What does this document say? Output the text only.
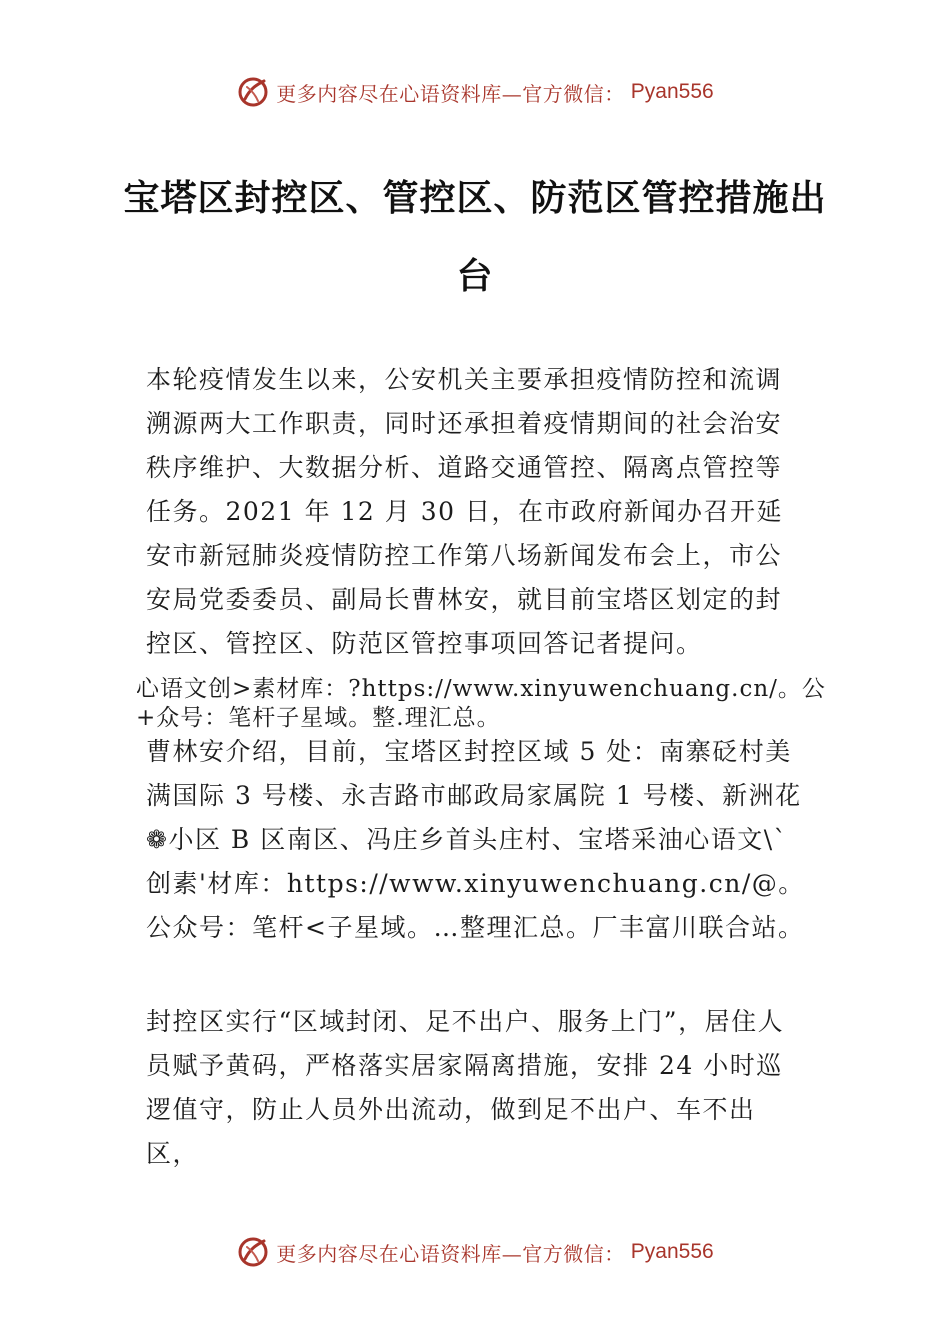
更多内容尽在心语资料库—官方微信： Pyan556
宝塔区封控区、管控区、防范区管控措施出台
本轮疫情发生以来，公安机关主要承担疫情防控和流调溯源两大工作职责，同时还承担着疫情期间的社会治安秩序维护、大数据分析、道路交通管控、隔离点管控等任务。2021 年 12 月 30 日，在市政府新闻办召开延安市新冠肺炎疫情防控工作第八场新闻发布会上，市公安局党委委员、副局长曹林安，就目前宝塔区划定的封控区、管控区、防范区管控事项回答记者提问。
心语文创>素材库：?https://www.xinyuwenchuang.cn/。公+众号：笔杆子星域。整.理汇总。
曹林安介绍，目前，宝塔区封控区域 5 处：南寨砭村美满国际 3 号楼、永吉路市邮政局家属院 1 号楼、新洲花❁小区 B 区南区、冯庄乡首头庄村、宝塔采油心语文\`创素'材库：https://www.xinyuwenchuang.cn/@。公众号：笔杆<子星域。…整理汇总。厂丰富川联合站。
封控区实行“区域封闭、足不出户、服务上门”，居住人员赋予黄码，严格落实居家隔离措施，安排 24 小时巡逻值守，防止人员外出流动，做到足不出户、车不出区，
更多内容尽在心语资料库—官方微信： Pyan556
